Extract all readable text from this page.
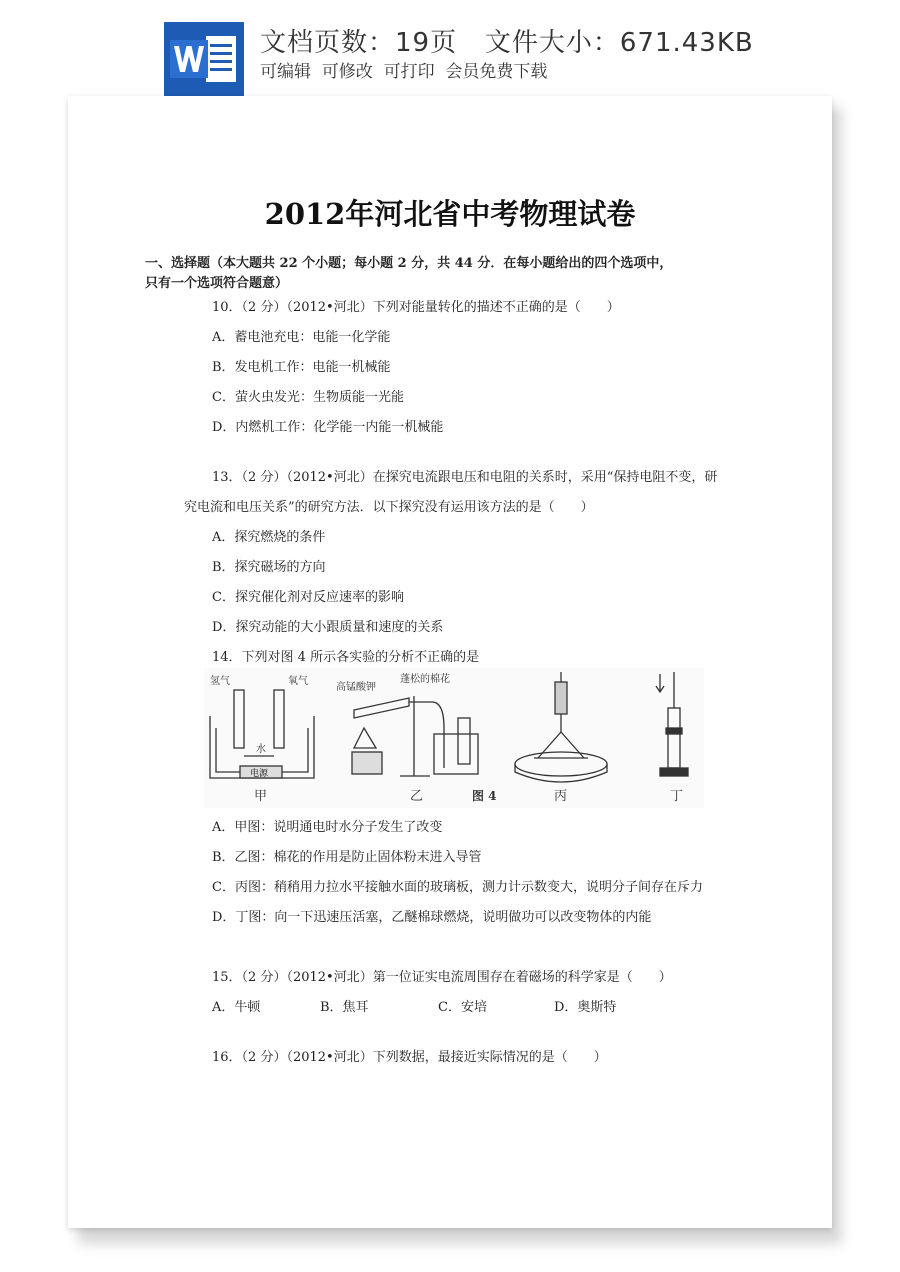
文档页数：19页   文件大小：671.43KB
可编辑  可修改  可打印  会员免费下载
2012年河北省中考物理试卷
一、选择题（本大题共 22 个小题；每小题 2 分，共 44 分．在每小题给出的四个选项中，
只有一个选项符合题意）
10．（2 分）（2012•河北）下列对能量转化的描述不正确的是（　　）
A．蓄电池充电：电能一化学能
B．发电机工作：电能一机械能
C．萤火虫发光：生物质能一光能
D．内燃机工作：化学能一内能一机械能
13．（2 分）（2012•河北）在探究电流跟电压和电阻的关系时，采用“保持电阻不变，研
究电流和电压关系”的研究方法．以下探究没有运用该方法的是（　　）
A．探究燃烧的条件
B．探究磁场的方向
C．探究催化剂对反应速率的影响
D．探究动能的大小跟质量和速度的关系
14．下列对图 4 所示各实验的分析不正确的是
氢气	氧气
水
电源
甲
高锰酸钾
蓬松的棉花
乙	图 4	丙	丁
A．甲图：说明通电时水分子发生了改变
B．乙图：棉花的作用是防止固体粉末进入导管
C．丙图：稍稍用力拉水平接触水面的玻璃板，测力计示数变大，说明分子间存在斥力
D．丁图：向一下迅速压活塞，乙醚棉球燃烧，说明做功可以改变物体的内能
15．（2 分）（2012•河北）第一位证实电流周围存在着磁场的科学家是（　　）
A．牛顿	B．焦耳	C．安培	D．奥斯特
16．（2 分）（2012•河北）下列数据，最接近实际情况的是（　　）
